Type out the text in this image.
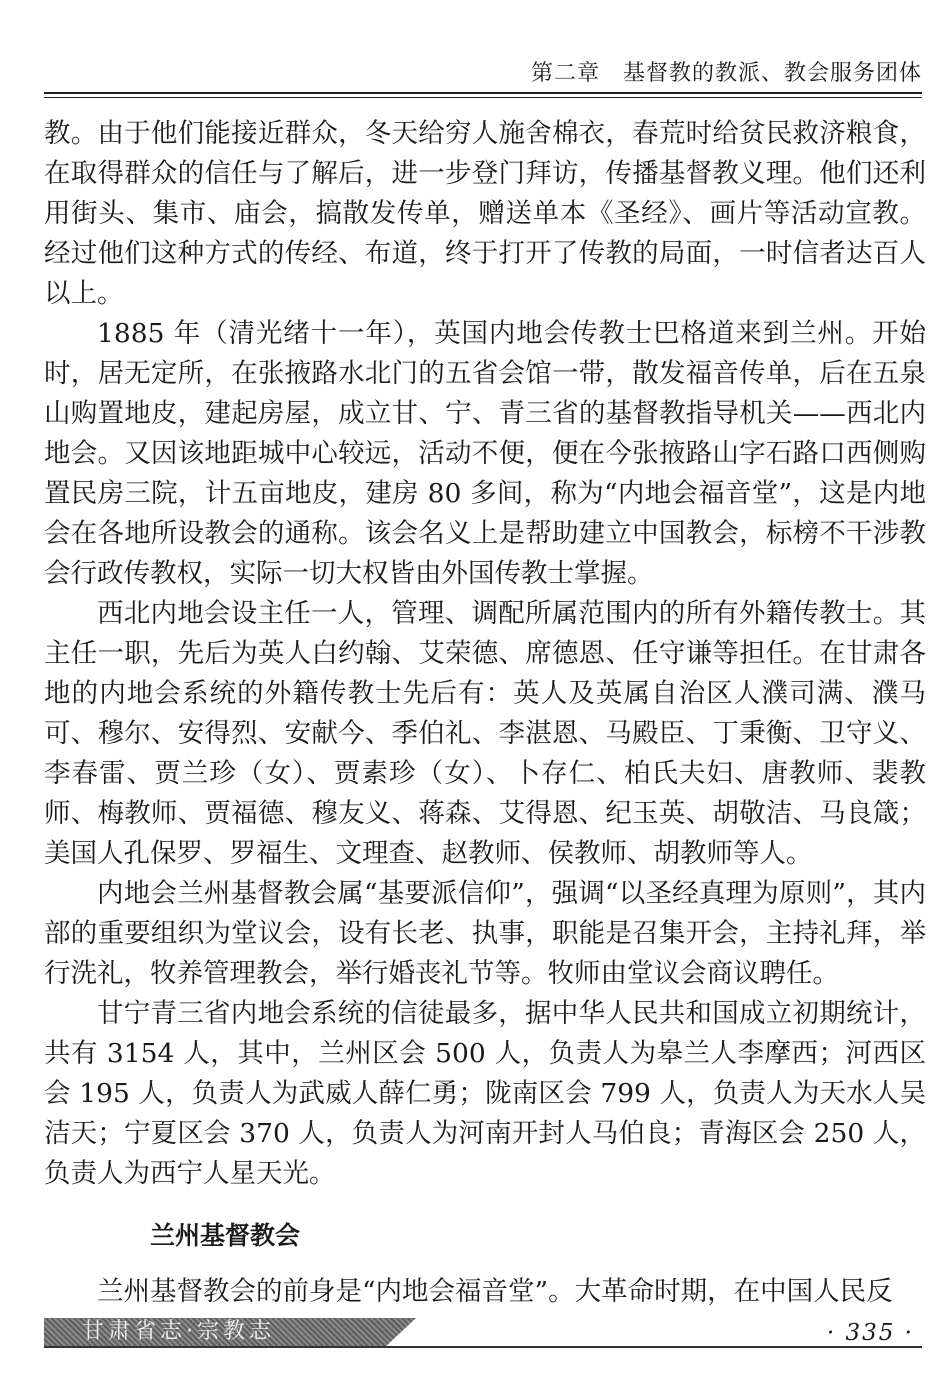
第二章　基督教的教派、教会服务团体

教。由于他们能接近群众，冬天给穷人施舍棉衣，春荒时给贫民救济粮食，在取得群众的信任与了解后，进一步登门拜访，传播基督教义理。他们还利用街头、集市、庙会，搞散发传单，赠送单本《圣经》、画片等活动宣教。经过他们这种方式的传经、布道，终于打开了传教的局面，一时信者达百人以上。

1885 年（清光绪十一年），英国内地会传教士巴格道来到兰州。开始时，居无定所，在张掖路水北门的五省会馆一带，散发福音传单，后在五泉山购置地皮，建起房屋，成立甘、宁、青三省的基督教指导机关——西北内地会。又因该地距城中心较远，活动不便，便在今张掖路山字石路口西侧购置民房三院，计五亩地皮，建房 80 多间，称为“内地会福音堂”，这是内地会在各地所设教会的通称。该会名义上是帮助建立中国教会，标榜不干涉教会行政传教权，实际一切大权皆由外国传教士掌握。

西北内地会设主任一人，管理、调配所属范围内的所有外籍传教士。其主任一职，先后为英人白约翰、艾荣德、席德恩、任守谦等担任。在甘肃各地的内地会系统的外籍传教士先后有：英人及英属自治区人濮司满、濮马可、穆尔、安得烈、安献今、季伯礼、李湛恩、马殿臣、丁秉衡、卫守义、李春雷、贾兰珍（女）、贾素珍（女）、卜存仁、柏氏夫妇、唐教师、裴教师、梅教师、贾福德、穆友义、蒋森、艾得恩、纪玉英、胡敬洁、马良箴；美国人孔保罗、罗福生、文理查、赵教师、侯教师、胡教师等人。

内地会兰州基督教会属“基要派信仰”，强调“以圣经真理为原则”，其内部的重要组织为堂议会，设有长老、执事，职能是召集开会，主持礼拜，举行洗礼，牧养管理教会，举行婚丧礼节等。牧师由堂议会商议聘任。

甘宁青三省内地会系统的信徒最多，据中华人民共和国成立初期统计，共有 3154 人，其中，兰州区会 500 人，负责人为皋兰人李摩西；河西区会 195 人，负责人为武威人薛仁勇；陇南区会 799 人，负责人为天水人吴洁天；宁夏区会 370 人，负责人为河南开封人马伯良；青海区会 250 人，负责人为西宁人星天光。

兰州基督教会

兰州基督教会的前身是“内地会福音堂”。大革命时期，在中国人民反

甘肃省志·宗教志	· 335 ·
